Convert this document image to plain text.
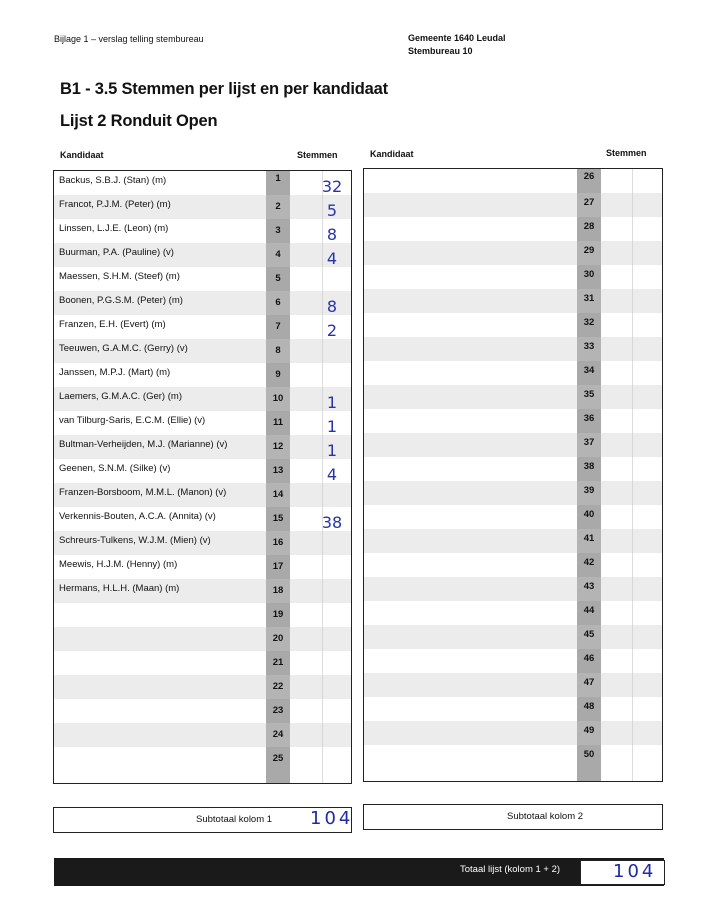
Bijlage 1 – verslag telling stembureau	Gemeente 1640 Leudal
Stembureau 10
B1 - 3.5 Stemmen per lijst en per kandidaat
Lijst 2 Ronduit Open
Kandidaat	Stemmen	Kandidaat	Stemmen
Backus, S.B.J. (Stan) (m)	1	32
Francot, P.J.M. (Peter) (m)	2	5
Linssen, L.J.E. (Leon) (m)	3	8
Buurman, P.A. (Pauline) (v)	4	4
Maessen, S.H.M. (Steef) (m)	5
Boonen, P.G.S.M. (Peter) (m)	6	8
Franzen, E.H. (Evert) (m)	7	2
Teeuwen, G.A.M.C. (Gerry) (v)	8
Janssen, M.P.J. (Mart) (m)	9
Laemers, G.M.A.C. (Ger) (m)	10	1
van Tilburg-Saris, E.C.M. (Ellie) (v)	11	1
Bultman-Verheijden, M.J. (Marianne) (v)	12	1
Geenen, S.N.M. (Silke) (v)	13	4
Franzen-Borsboom, M.M.L. (Manon) (v)	14
Verkennis-Bouten, A.C.A. (Annita) (v)	15	38
Schreurs-Tulkens, W.J.M. (Mien) (v)	16
Meewis, H.J.M. (Henny) (m)	17
Hermans, H.L.H. (Maan) (m)	18
19
20
21
22
23
24
25
26
27
28
29
30
31
32
33
34
35
36
37
38
39
40
41
42
43
44
45
46
47
48
49
50
Subtotaal kolom 1 104	Subtotaal kolom 2
Totaal lijst (kolom 1 + 2)	104
